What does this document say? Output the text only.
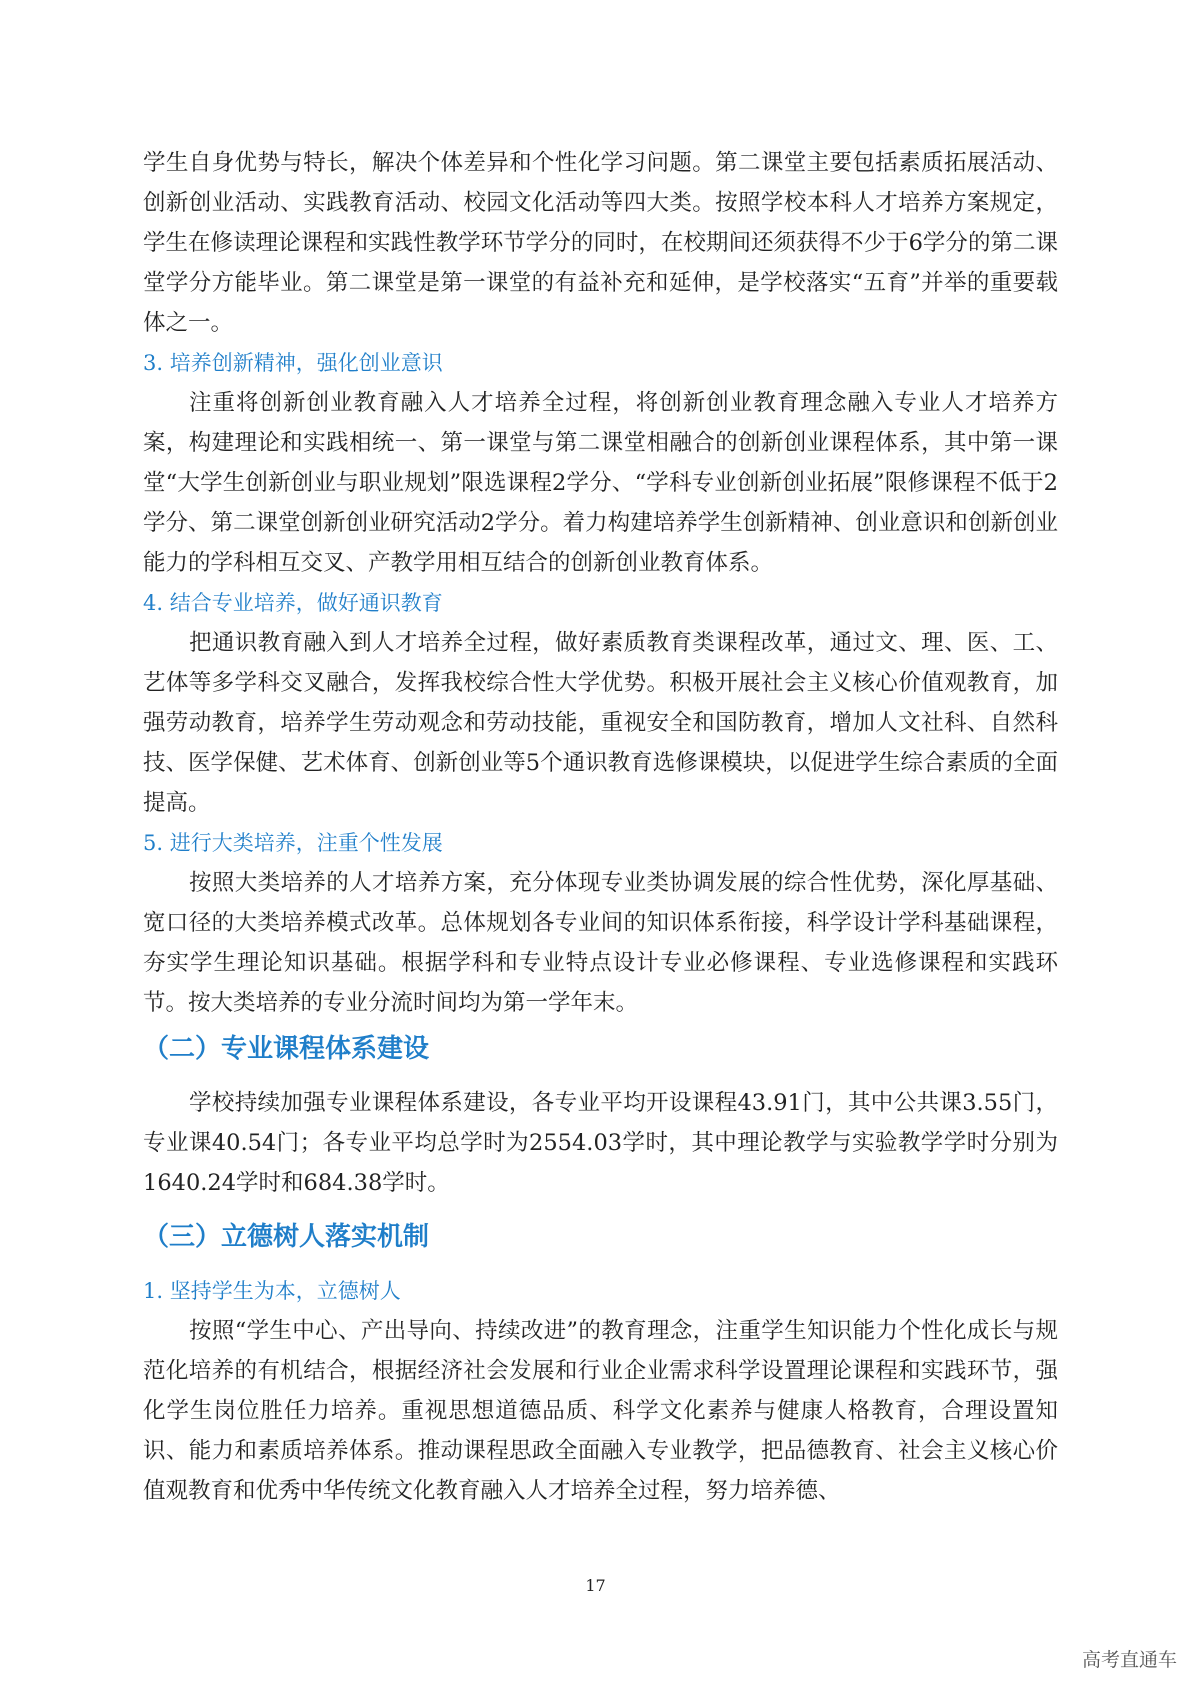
学生自身优势与特长，解决个体差异和个性化学习问题。第二课堂主要包括素质拓展活动、创新创业活动、实践教育活动、校园文化活动等四大类。按照学校本科人才培养方案规定，学生在修读理论课程和实践性教学环节学分的同时，在校期间还须获得不少于6学分的第二课堂学分方能毕业。第二课堂是第一课堂的有益补充和延伸，是学校落实“五育”并举的重要载体之一。

3. 培养创新精神，强化创业意识

注重将创新创业教育融入人才培养全过程，将创新创业教育理念融入专业人才培养方案，构建理论和实践相统一、第一课堂与第二课堂相融合的创新创业课程体系，其中第一课堂“大学生创新创业与职业规划”限选课程2学分、“学科专业创新创业拓展”限修课程不低于2学分、第二课堂创新创业研究活动2学分。着力构建培养学生创新精神、创业意识和创新创业能力的学科相互交叉、产教学用相互结合的创新创业教育体系。

4. 结合专业培养，做好通识教育

把通识教育融入到人才培养全过程，做好素质教育类课程改革，通过文、理、医、工、艺体等多学科交叉融合，发挥我校综合性大学优势。积极开展社会主义核心价值观教育，加强劳动教育，培养学生劳动观念和劳动技能，重视安全和国防教育，增加人文社科、自然科技、医学保健、艺术体育、创新创业等5个通识教育选修课模块，以促进学生综合素质的全面提高。

5. 进行大类培养，注重个性发展

按照大类培养的人才培养方案，充分体现专业类协调发展的综合性优势，深化厚基础、宽口径的大类培养模式改革。总体规划各专业间的知识体系衔接，科学设计学科基础课程，夯实学生理论知识基础。根据学科和专业特点设计专业必修课程、专业选修课程和实践环节。按大类培养的专业分流时间均为第一学年末。

（二）专业课程体系建设

学校持续加强专业课程体系建设，各专业平均开设课程43.91门，其中公共课3.55门，专业课40.54门；各专业平均总学时为2554.03学时，其中理论教学与实验教学学时分别为1640.24学时和684.38学时。

（三）立德树人落实机制
1. 坚持学生为本，立德树人

按照“学生中心、产出导向、持续改进”的教育理念，注重学生知识能力个性化成长与规范化培养的有机结合，根据经济社会发展和行业企业需求科学设置理论课程和实践环节，强化学生岗位胜任力培养。重视思想道德品质、科学文化素养与健康人格教育，合理设置知识、能力和素质培养体系。推动课程思政全面融入专业教学，把品德教育、社会主义核心价值观教育和优秀中华传统文化教育融入人才培养全过程，努力培养德、

17
高考直通车
